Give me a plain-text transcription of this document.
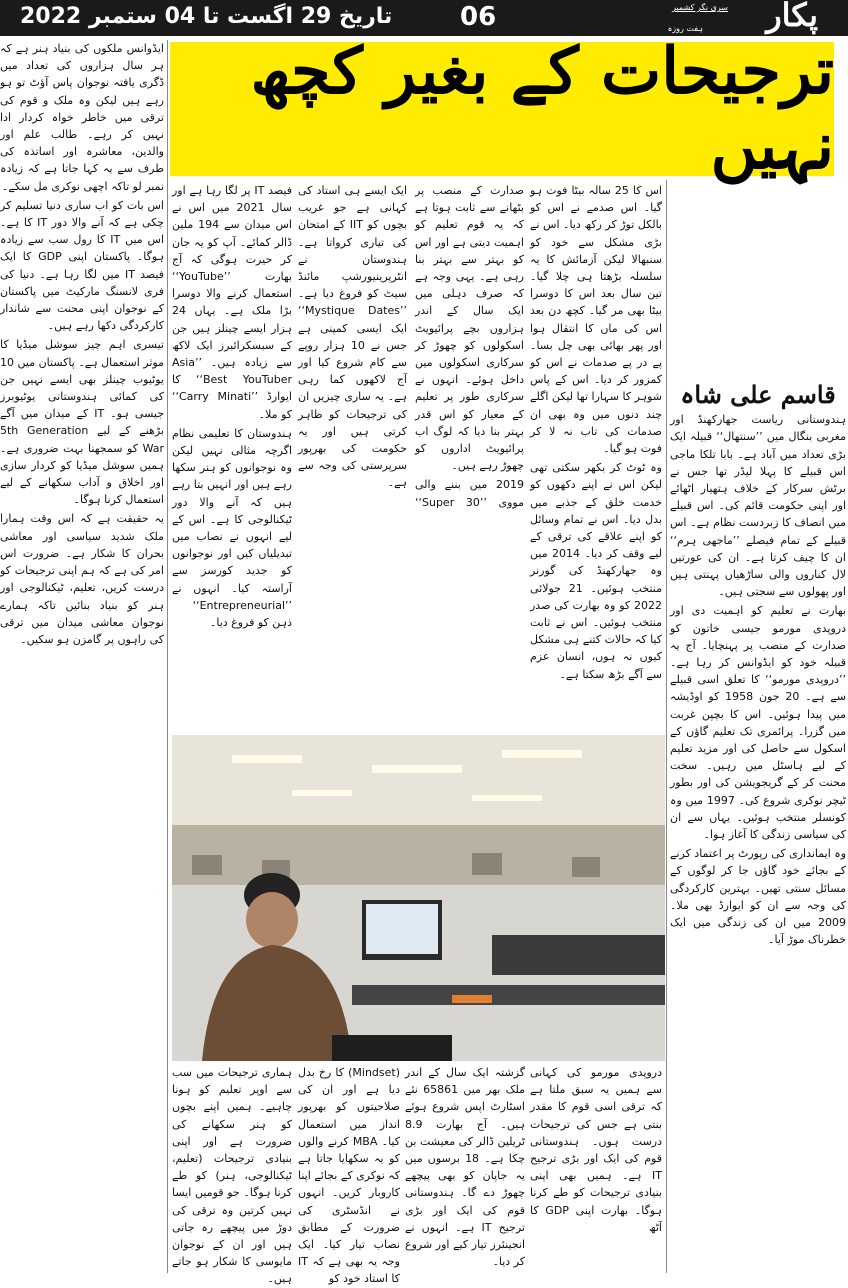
تاریخ 29 اگست تا 04 ستمبر 2022	06	پکار
ہفت روزہ
سری نگر کشمیر
ترجیحات کے بغیر کچھ نہیں

ایڈوانس ملکوں کی بنیاد ہنر ہے کہ ہر سال ہزاروں کی تعداد میں ڈگری یافتہ نوجوان پاس آؤٹ تو ہو رہے ہیں لیکن وہ ملک و قوم کی ترقی میں خاطر خواہ کردار ادا نہیں کر رہے۔ طالب علم اور والدین، معاشرہ اور اساتذہ کی طرف سے یہ کہا جاتا ہے کہ زیادہ نمبر لو تاکہ اچھی نوکری مل سکے۔

اس بات کو اب ساری دنیا تسلیم کر چکی ہے کہ آنے والا دور IT کا ہے۔ اس میں IT کا رول سب سے زیادہ ہوگا۔ پاکستان اپنی GDP کا ایک فیصد IT میں لگا رہا ہے۔ دنیا کی فری لانسنگ مارکیٹ میں پاکستان کے نوجوان اپنی محنت سے شاندار کارکردگی دکھا رہے ہیں۔

تیسری اہم چیز سوشل میڈیا کا موثر استعمال ہے۔ پاکستان میں 10 یوٹیوب چینلز بھی ایسے نہیں جن کی کمائی ہندوستانی یوٹیوبرز جیسی ہو۔ IT کے میدان میں آگے بڑھنے کے لیے 5th Generation War کو سمجھنا بہت ضروری ہے۔ ہمیں سوشل میڈیا کو کردار سازی اور اخلاق و آداب سکھانے کے لیے استعمال کرنا ہوگا۔

یہ حقیقت ہے کہ اس وقت ہمارا ملک شدید سیاسی اور معاشی بحران کا شکار ہے۔ ضرورت اس امر کی ہے کہ ہم اپنی ترجیحات کو درست کریں، تعلیم، ٹیکنالوجی اور ہنر کو بنیاد بنائیں تاکہ ہمارے نوجوان معاشی میدان میں ترقی کی راہوں پر گامزن ہو سکیں۔

قاسم علی شاہ

ہندوستانی ریاست جھارکھنڈ اور مغربی بنگال میں ’’سنتھال‘‘ قبیلہ ایک بڑی تعداد میں آباد ہے۔ بابا تلکا ماجی اس قبیلے کا پہلا لیڈر تھا جس نے برٹش سرکار کے خلاف ہتھیار اٹھائے اور اپنی حکومت قائم کی۔ اس قبیلے میں انصاف کا زبردست نظام ہے۔ اس قبیلے کے تمام فیصلے ’’ماجھی ہرم‘‘ ان کا چیف کرتا ہے۔ ان کی عورتیں لال کناروں والی ساڑھیاں پہنتی ہیں اور پھولوں سے سجتی ہیں۔

بھارت نے تعلیم کو اہمیت دی اور دروپدی مورمو جیسی خاتون کو صدارت کے منصب پر پہنچایا۔ آج یہ قبیلہ خود کو ایڈوانس کر رہا ہے۔ ’’دروپدی مورمو‘‘ کا تعلق اسی قبیلے سے ہے۔ 20 جون 1958 کو اوڈیشہ میں پیدا ہوئیں۔ اس کا بچپن غربت میں گزرا۔ پرائمری تک تعلیم گاؤں کے اسکول سے حاصل کی اور مزید تعلیم کے لیے ہاسٹل میں رہیں۔ سخت محنت کر کے گریجویشن کی اور بطور ٹیچر نوکری شروع کی۔ 1997 میں وہ کونسلر منتخب ہوئیں۔ یہاں سے ان کی سیاسی زندگی کا آغاز ہوا۔

وہ ایمانداری کی رپورٹ پر اعتماد کرنے کے بجائے خود گاؤں جا کر لوگوں کے مسائل سنتی تھیں۔ بہترین کارکردگی کی وجہ سے ان کو ایوارڈ بھی ملا۔ 2009 میں ان کی زندگی میں ایک خطرناک موڑ آیا۔

اس کا 25 سالہ بیٹا فوت ہو گیا۔ اس صدمے نے اس کو بالکل توڑ کر رکھ دیا۔ اس نے بڑی مشکل سے خود کو سنبھالا لیکن آزمائش کا یہ سلسلہ بڑھتا ہی چلا گیا۔ تین سال بعد اس کا دوسرا بیٹا بھی مر گیا۔ کچھ دن بعد اس کی ماں کا انتقال ہوا اور پھر بھائی بھی چل بسا۔ پے در پے صدمات نے اس کو کمزور کر دیا۔ اس کے پاس شوہر کا سہارا تھا لیکن اگلے چند دنوں میں وہ بھی ان صدمات کی تاب نہ لا کر فوت ہو گیا۔

وہ ٹوٹ کر بکھر سکتی تھی لیکن اس نے اپنے دکھوں کو خدمت خلق کے جذبے میں بدل دیا۔ اس نے تمام وسائل کو اپنے علاقے کی ترقی کے لیے وقف کر دیا۔ 2014 میں وہ جھارکھنڈ کی گورنر منتخب ہوئیں۔ 21 جولائی 2022 کو وہ بھارت کی صدر منتخب ہوئیں۔ اس نے ثابت کیا کہ حالات کتنے ہی مشکل کیوں نہ ہوں، انسان عزم سے آگے بڑھ سکتا ہے۔

صدارت کے منصب پر بٹھانے سے ثابت ہوتا ہے کہ یہ قوم تعلیم کو اہمیت دیتی ہے اور اس کو بہتر سے بہتر بنا رہی ہے۔ یہی وجہ ہے کہ صرف دہلی میں ایک سال کے اندر ہزاروں بچے پرائیویٹ اسکولوں کو چھوڑ کر سرکاری اسکولوں میں داخل ہوئے۔ انہوں نے سرکاری طور پر تعلیم کے معیار کو اس قدر بہتر بنا دیا کہ لوگ اب پرائیویٹ اداروں کو چھوڑ رہے ہیں۔

2019 میں بننے والی مووی ’’Super 30‘‘ ایک ایسے ہی استاد کی کہانی ہے جو غریب بچوں کو IIT کے امتحان کی تیاری کرواتا ہے۔ ہندوستان نے انٹرپرینیورشپ مائنڈ سیٹ کو فروغ دیا ہے۔ ’’Mystique Dates‘‘ ایک ایسی کمپنی ہے جس نے 10 ہزار روپے سے کام شروع کیا اور آج لاکھوں کما رہی ہے۔ یہ ساری چیزیں ان کی ترجیحات کو ظاہر کرتی ہیں اور یہ حکومت کی بھرپور سرپرستی کی وجہ سے ہے۔

فیصد IT پر لگا رہا ہے اور سال 2021 میں اس نے اس میدان سے 194 ملین ڈالر کمائے۔ آپ کو یہ جان کر حیرت ہوگی کہ آج بھارت ’’YouTube‘‘ استعمال کرنے والا دوسرا بڑا ملک ہے۔ یہاں 24 ہزار ایسے چینلز ہیں جن کے سبسکرائبرز ایک لاکھ سے زیادہ ہیں۔ ’’Asia Best YouTuber‘‘ کا ایوارڈ ’’Carry Minati‘‘ کو ملا۔

ہندوستان کا تعلیمی نظام اگرچہ مثالی نہیں لیکن وہ نوجوانوں کو ہنر سکھا رہے ہیں اور انہیں بتا رہے ہیں کہ آنے والا دور ٹیکنالوجی کا ہے۔ اس کے لیے انہوں نے نصاب میں تبدیلیاں کیں اور نوجوانوں کو جدید کورسز سے آراستہ کیا۔ انہوں نے ’’Entrepreneurial‘‘ ذہن کو فروغ دیا۔

دروپدی مورمو کی کہانی سے ہمیں یہ سبق ملتا ہے کہ ترقی اسی قوم کا مقدر بنتی ہے جس کی ترجیحات درست ہوں۔ ہندوستانی قوم کی ایک اور بڑی ترجیح IT ہے۔ ہمیں بھی اپنی بنیادی ترجیحات کو طے کرنا ہوگا۔ بھارت اپنی GDP کا آٹھ

گزشتہ ایک سال کے اندر ملک بھر میں 65861 نئے اسٹارٹ اپس شروع ہوئے ہیں۔ آج بھارت 8.9 ٹریلین ڈالر کی معیشت بن چکا ہے۔ 18 برسوں میں یہ جاپان کو بھی پیچھے چھوڑ دے گا۔ ہندوستانی قوم کی ایک اور بڑی ترجیح IT ہے۔ انہوں نے انجینئرز تیار کیے اور شروع کر دیا۔

(Mindset) کا رخ بدل دیا ہے اور ان کی صلاحیتوں کو بھرپور انداز میں استعمال کیا۔ MBA کرنے والوں کو یہ سکھایا جاتا ہے کہ نوکری کے بجائے اپنا کاروبار کریں۔ انہوں نے انڈسٹری کی ضرورت کے مطابق نصاب تیار کیا۔ ایک وجہ یہ بھی ہے کہ IT کا استاد خود کو

ہماری ترجیحات میں سب سے اوپر تعلیم کو ہونا چاہیے۔ ہمیں اپنے بچوں کو ہنر سکھانے کی ضرورت ہے اور اپنی بنیادی ترجیحات (تعلیم، ٹیکنالوجی، ہنر) کو طے کرنا ہوگا۔ جو قومیں ایسا نہیں کرتیں وہ ترقی کی دوڑ میں پیچھے رہ جاتی ہیں اور ان کے نوجوان مایوسی کا شکار ہو جاتے ہیں۔
